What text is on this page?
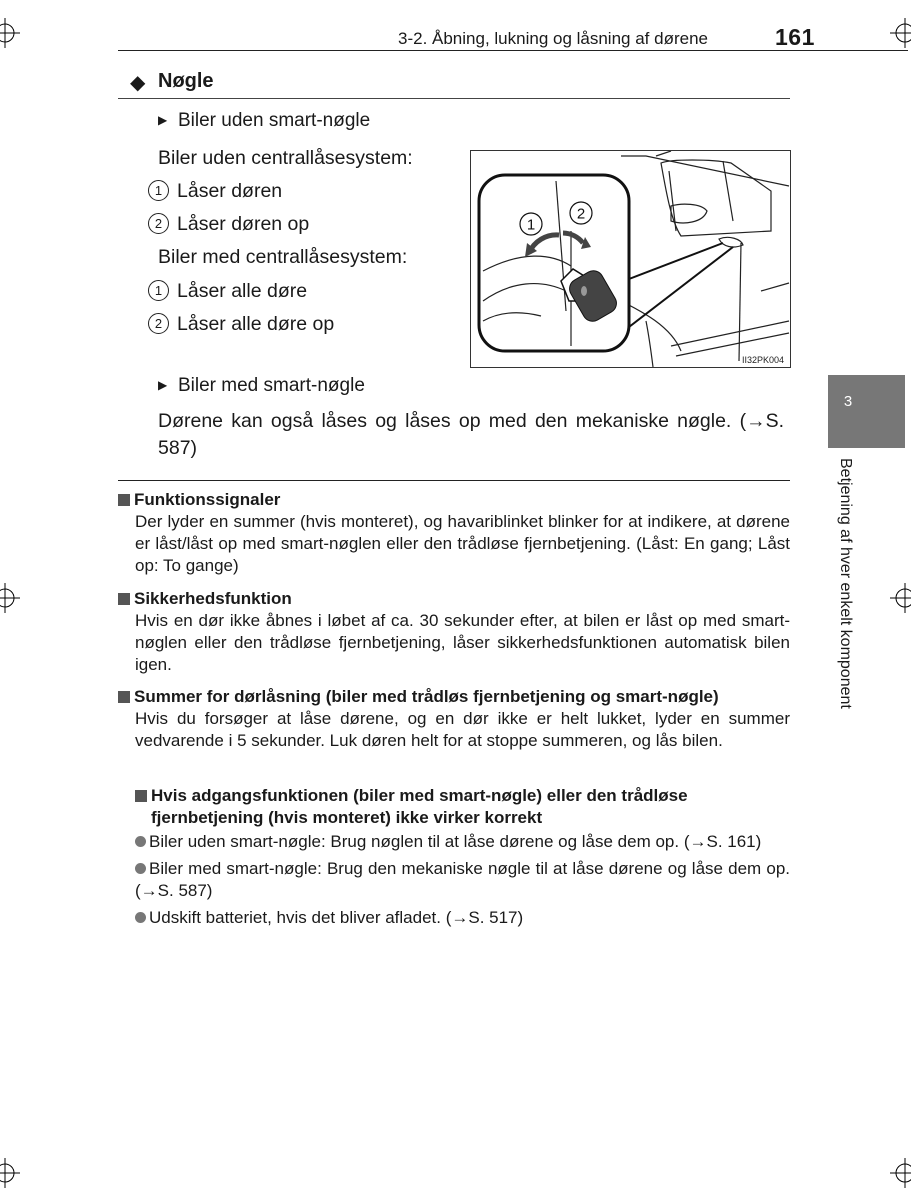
3-2. Åbning, lukning og låsning af dørene	161
◆ Nøgle
▶ Biler uden smart-nøgle
Biler uden centrallåsesystem:
1 Låser døren
2 Låser døren op
Biler med centrallåsesystem:
1 Låser alle døre
2 Låser alle døre op
1
2
II32PK004
▶ Biler med smart-nøgle
Dørene kan også låses og låses op med den mekaniske nøgle. (→S. 587)
Funktionssignaler
Der lyder en summer (hvis monteret), og havariblinket blinker for at indikere, at dørene er låst/låst op med smart-nøglen eller den trådløse fjernbetjening. (Låst: En gang; Låst op: To gange)
Sikkerhedsfunktion
Hvis en dør ikke åbnes i løbet af ca. 30 sekunder efter, at bilen er låst op med smart-nøglen eller den trådløse fjernbetjening, låser sikkerhedsfunktionen automatisk bilen igen.
Summer for dørlåsning (biler med trådløs fjernbetjening og smart-nøgle)
Hvis du forsøger at låse dørene, og en dør ikke er helt lukket, lyder en summer vedvarende i 5 sekunder. Luk døren helt for at stoppe summeren, og lås bilen.
Hvis adgangsfunktionen (biler med smart-nøgle) eller den trådløse fjernbetjening (hvis monteret) ikke virker korrekt
Biler uden smart-nøgle: Brug nøglen til at låse dørene og låse dem op. (→S. 161)
Biler med smart-nøgle: Brug den mekaniske nøgle til at låse dørene og låse dem op. (→S. 587)
Udskift batteriet, hvis det bliver afladet. (→S. 517)
3
Betjening af hver enkelt komponent
